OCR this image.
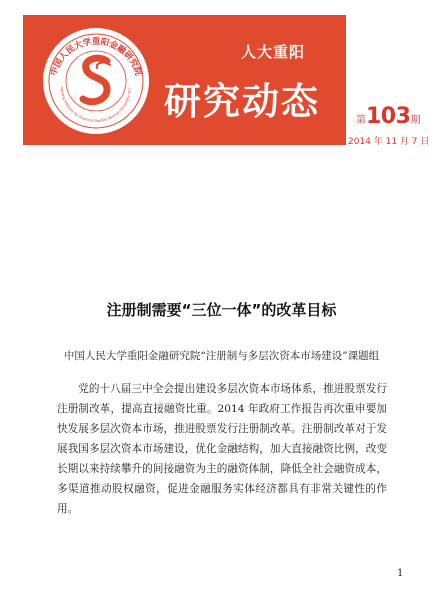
中国人民大学重阳金融研究院
ngyang Institute for Financial Studies Renmin University of C
人大重阳
研究动态	第103期
2014 年 11 月 7 日
注册制需要“三位一体”的改革目标
中国人民大学重阳金融研究院“注册制与多层次资本市场建设”课题组

党的十八届三中全会提出建设多层次资本市场体系，推进股票发行注册制改革，提高直接融资比重。2014 年政府工作报告再次重申要加快发展多层次资本市场，推进股票发行注册制改革。注册制改革对于发展我国多层次资本市场建设，优化金融结构，加大直接融资比例，改变长期以来持续攀升的间接融资为主的融资体制，降低全社会融资成本，多渠道推动股权融资，促进金融服务实体经济都具有非常关键性的作用。

1
